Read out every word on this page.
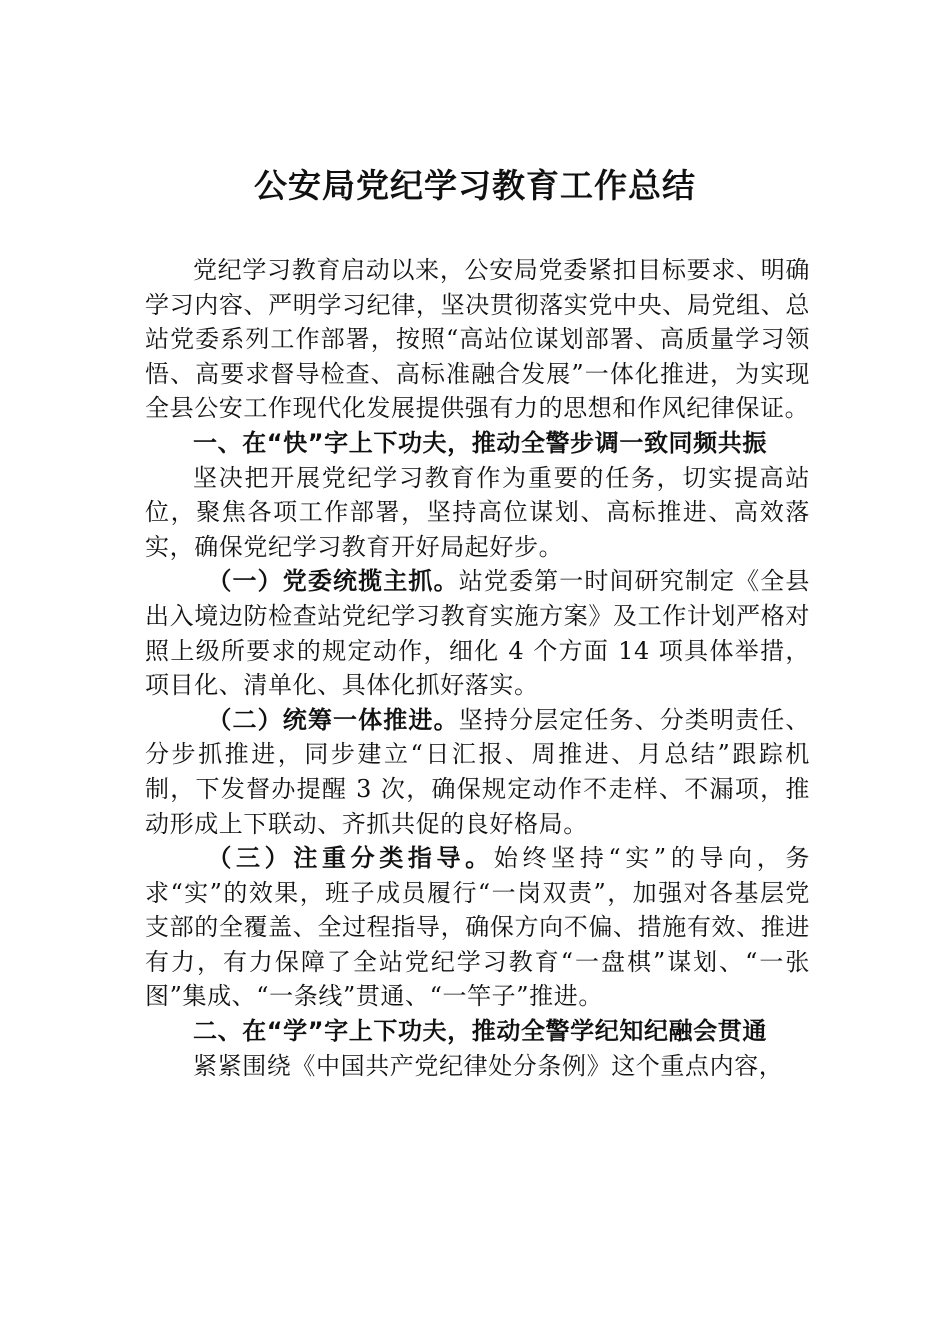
公安局党纪学习教育工作总结

党纪学习教育启动以来，公安局党委紧扣目标要求、明确学习内容、严明学习纪律，坚决贯彻落实党中央、局党组、总站党委系列工作部署，按照“高站位谋划部署、高质量学习领悟、高要求督导检查、高标准融合发展”一体化推进，为实现全县公安工作现代化发展提供强有力的思想和作风纪律保证。

一、在“快”字上下功夫，推动全警步调一致同频共振

坚决把开展党纪学习教育作为重要的任务，切实提高站位，聚焦各项工作部署，坚持高位谋划、高标推进、高效落实，确保党纪学习教育开好局起好步。

（一）党委统揽主抓。站党委第一时间研究制定《全县出入境边防检查站党纪学习教育实施方案》及工作计划严格对照上级所要求的规定动作，细化 4 个方面 14 项具体举措，项目化、清单化、具体化抓好落实。

（二）统筹一体推进。坚持分层定任务、分类明责任、分步抓推进，同步建立“日汇报、周推进、月总结”跟踪机制，下发督办提醒 3 次，确保规定动作不走样、不漏项，推动形成上下联动、齐抓共促的良好格局。

（三）注重分类指导。始终坚持“实”的导向，务求“实”的效果，班子成员履行“一岗双责”，加强对各基层党支部的全覆盖、全过程指导，确保方向不偏、措施有效、推进有力，有力保障了全站党纪学习教育“一盘棋”谋划、“一张图”集成、“一条线”贯通、“一竿子”推进。

二、在“学”字上下功夫，推动全警学纪知纪融会贯通

紧紧围绕《中国共产党纪律处分条例》这个重点内容，
